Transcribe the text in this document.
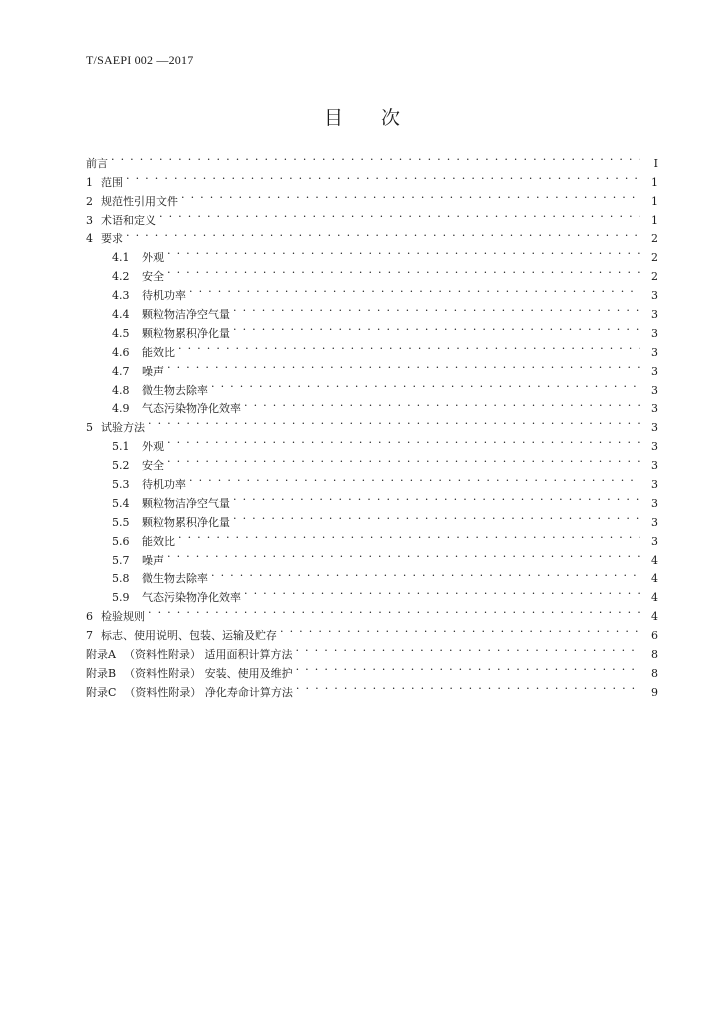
T/SAEPI 002 —2017
目 次
前言 . . .	I
1 范围 . . .	1
2 规范性引用文件 . . .	1
3 术语和定义 . . .	1
4 要求 . . .	2
4.1 外观 . . .	2
4.2 安全 . . .	2
4.3 待机功率 . . .	3
4.4 颗粒物洁净空气量 . . .	3
4.5 颗粒物累积净化量 . . .	3
4.6 能效比 . . .	3
4.7 噪声 . . .	3
4.8 微生物去除率 . . .	3
4.9 气态污染物净化效率 . . .	3
5 试验方法 . . .	3
5.1 外观 . . .	3
5.2 安全 . . .	3
5.3 待机功率 . . .	3
5.4 颗粒物洁净空气量 . . .	3
5.5 颗粒物累积净化量 . . .	3
5.6 能效比 . . .	3
5.7 噪声 . . .	4
5.8 微生物去除率 . . .	4
5.9 气态污染物净化效率 . . .	4
6 检验规则 . . .	4
7 标志、使用说明、包装、运输及贮存 . . .	6
附录A （资料性附录） 适用面积计算方法 . . .	8
附录B （资料性附录） 安装、使用及维护 . . .	8
附录C （资料性附录） 净化寿命计算方法 . . .	9
